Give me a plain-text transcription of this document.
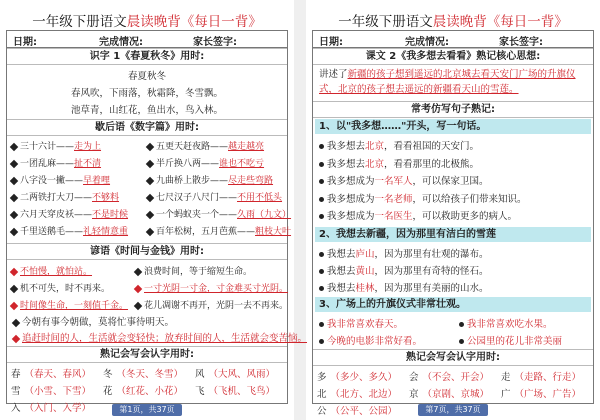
一年级下册语文晨读晚背《每日一背》
日期:	完成情况:	家长签字:
识字 1《春夏秋冬》用时:
春夏秋冬
春风吹，下雨落，秋霜降，冬雪飘。
池草青，山红花，鱼出水，鸟入林。
歇后语《数字篇》用时:
三十六计——走为上	五更天赶夜路——越走越亮
一团乱麻——扯不清	半斤换八两——谁也不吃亏
八字没一撇——早着哩	九曲桥上散步——尽走些弯路
二两铁打大刀——不够料	七尺汉子八尺门——不用不低头
六月天穿皮袄——不是时候	一个蚂蚁夹一个——久雨（九文）
千里送鹅毛——礼轻情意重	百年松树，五月芭蕉——粗枝大叶
谚语《时间与金钱》用时:
不怕慢，就怕站。	浪费时间，等于缩短生命。
机不可失，时不再来。	一寸光阴一寸金，寸金难买寸光阴。
时间像生命，一刻值千金。	花儿凋谢不再开，光阴一去不再来。
今朝有事今朝做，莫将忙事待明天。
追赶时间的人，生活就会变轻快；放弃时间的人，生活就会变苦恼。
熟记会写会认字用时:
春 （春天、春风） 冬 （冬天、冬雪） 风 （大风、风雨）
雪 （小雪、下雪） 花 （红花、小花） 飞 （飞机、飞鸟）
入 （入门、入学）	第1页，共37页
一年级下册语文晨读晚背《每日一背》
日期:	完成情况:	家长签字:
课文 2《我多想去看看》熟记核心思想:
讲述了新疆的孩子想到遥远的北京城去看天安门广场的升旗仪式，北京的孩子想去遥远的新疆看天山的雪莲。
常考仿写句子熟记:
1、以"我多想……"开头，写一句话。
我多想去北京，看看祖国的天安门。
我多想去北京，看看那里的北极熊。
我多想成为一名军人，可以保家卫国。
我多想成为一名老师，可以给孩子们带来知识。
我多想成为一名医生，可以救助更多的病人。
2、我想去新疆，因为那里有洁白的雪莲
我想去庐山，因为那里有壮观的瀑布。
我想去黄山，因为那里有奇特的怪石。
我想去桂林，因为那里有美丽的山水。
3、广场上的升旗仪式非常壮观。
我非常喜欢春天。	我非常喜欢吃水果。
今晚的电影非常好看。	公园里的花儿非常美丽
熟记会写会认字用时:
多 （多少、多久） 会 （不会、开会） 走 （走路、行走）
北 （北方、北边） 京 （京剧、京城） 广 （广场、广告）
公 （公平、公园）	第7页，共37页
